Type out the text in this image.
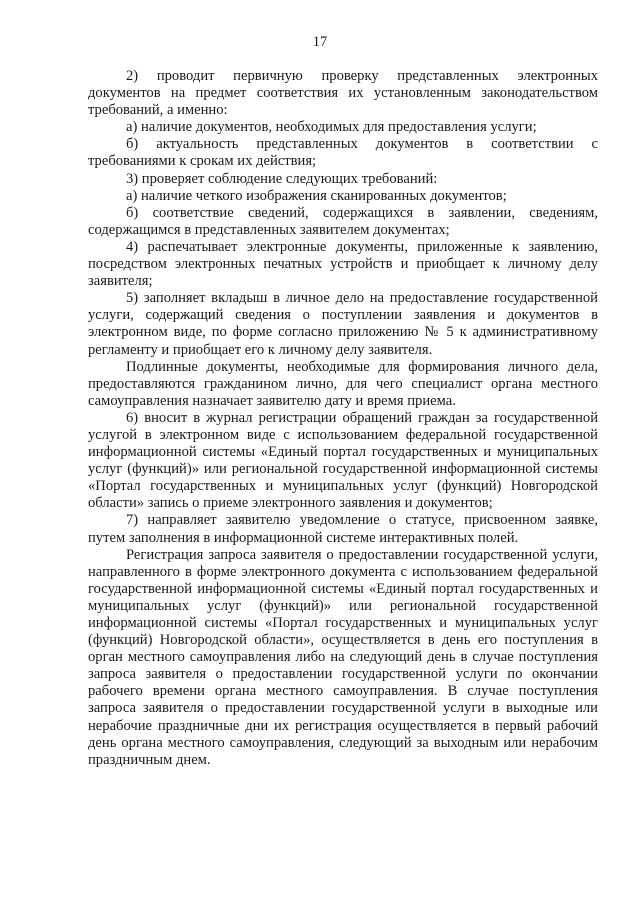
17

2) проводит первичную проверку представленных электронных документов на предмет соответствия их установленным законодательством требований, а именно:

а) наличие документов, необходимых для предоставления услуги;

б) актуальность представленных документов в соответствии с требованиями к срокам их действия;

3) проверяет соблюдение следующих требований:

а) наличие четкого изображения сканированных документов;

б) соответствие сведений, содержащихся в заявлении, сведениям, содержащимся в представленных заявителем документах;

4) распечатывает электронные документы, приложенные к заявлению, посредством электронных печатных устройств и приобщает к личному делу заявителя;

5) заполняет вкладыш в личное дело на предоставление государственной услуги, содержащий сведения о поступлении заявления и документов в электронном виде, по форме согласно приложению № 5 к административному регламенту и приобщает его к личному делу заявителя.

Подлинные документы, необходимые для формирования личного дела, предоставляются гражданином лично, для чего специалист органа местного самоуправления назначает заявителю дату и время приема.

6) вносит в журнал регистрации обращений граждан за государственной услугой в электронном виде с использованием федеральной государственной информационной системы «Единый портал государственных и муниципальных услуг (функций)» или региональной государственной информационной системы «Портал государственных и муниципальных услуг (функций) Новгородской области» запись о приеме электронного заявления и документов;

7) направляет заявителю уведомление о статусе, присвоенном заявке, путем заполнения в информационной системе интерактивных полей.

Регистрация запроса заявителя о предоставлении государственной услуги, направленного в форме электронного документа с использованием федеральной государственной информационной системы «Единый портал государственных и муниципальных услуг (функций)» или региональной государственной информационной системы «Портал государственных и муниципальных услуг (функций) Новгородской области», осуществляется в день его поступления в орган местного самоуправления либо на следующий день в случае поступления запроса заявителя о предоставлении государственной услуги по окончании рабочего времени органа местного самоуправления. В случае поступления запроса заявителя о предоставлении государственной услуги в выходные или нерабочие праздничные дни их регистрация осуществляется в первый рабочий день органа местного самоуправления, следующий за выходным или нерабочим праздничным днем.
